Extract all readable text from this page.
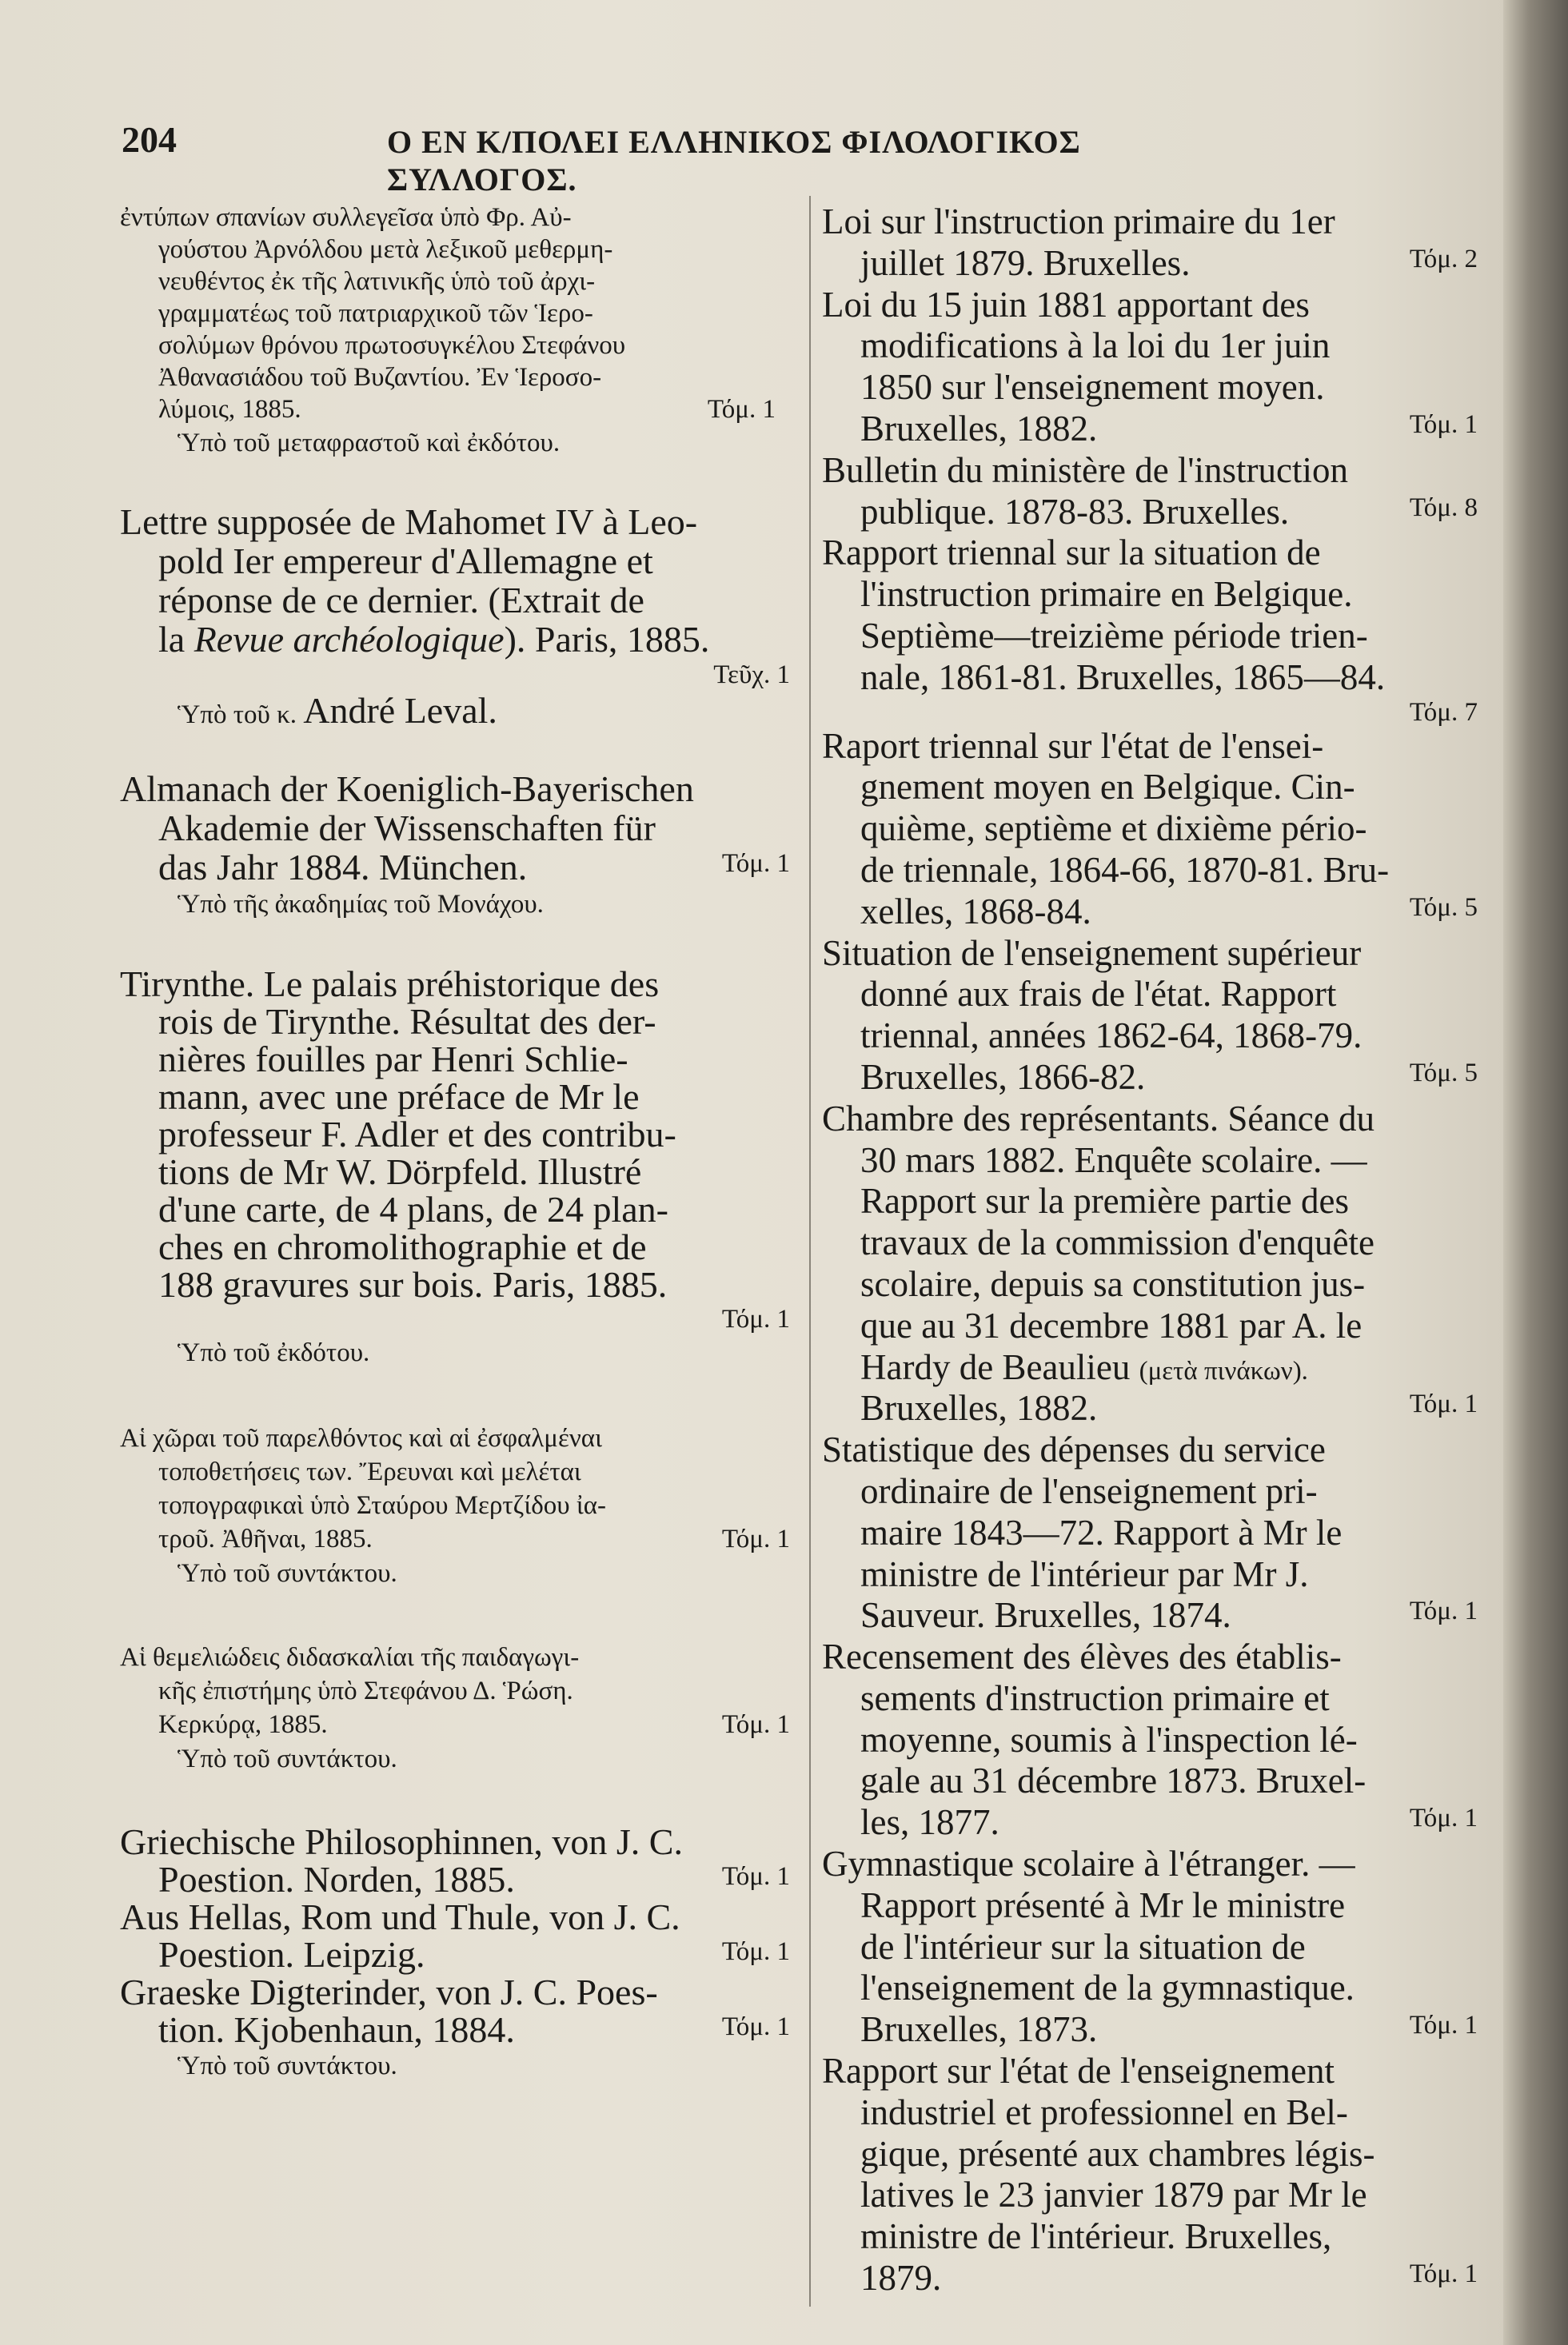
204	Ο ΕΝ Κ/ΠΟΛΕΙ ΕΛΛΗΝΙΚΟΣ ΦΙΛΟΛΟΓΙΚΟΣ ΣΥΛΛΟΓΟΣ.
ἐντύπων σπανίων συλλεγεῖσα ὑπὸ Φρ. Αὐ-
γούστου Ἀρνόλδου μετὰ λεξικοῦ μεθερμη-
νευθέντος ἐκ τῆς λατινικῆς ὑπὸ τοῦ ἀρχι-
γραμματέως τοῦ πατριαρχικοῦ τῶν Ἱερο-
σολύμων θρόνου πρωτοσυγκέλου Στεφάνου
Ἀθανασιάδου τοῦ Βυζαντίου. Ἐν Ἱεροσο-
λύμοις, 1885.	Τόμ. 1
Ὑπὸ τοῦ μεταφραστοῦ καὶ ἐκδότου.
Lettre supposée de Mahomet IV à Leo-
pold Ier empereur d'Allemagne et
réponse de ce dernier. (Extrait de
la Revue archéologique). Paris, 1885.
Τεῦχ. 1
Ὑπὸ τοῦ κ. André Leval.
Almanach der Koeniglich-Bayerischen
Akademie der Wissenschaften für
das Jahr 1884. München.	Τόμ. 1
Ὑπὸ τῆς ἀκαδημίας τοῦ Μονάχου.
Tirynthe. Le palais préhistorique des
rois de Tirynthe. Résultat des der-
nières fouilles par Henri Schlie-
mann, avec une préface de Mr le
professeur F. Adler et des contribu-
tions de Mr W. Dörpfeld. Illustré
d'une carte, de 4 plans, de 24 plan-
ches en chromolithographie et de
188 gravures sur bois. Paris, 1885.
Τόμ. 1
Ὑπὸ τοῦ ἐκδότου.
Αἱ χῶραι τοῦ παρελθόντος καὶ αἱ ἐσφαλμέναι
τοποθετήσεις των. Ἔρευναι καὶ μελέται
τοπογραφικαὶ ὑπὸ Σταύρου Μερτζίδου ἰα-
τροῦ. Ἀθῆναι, 1885.	Τόμ. 1
Ὑπὸ τοῦ συντάκτου.
Αἱ θεμελιώδεις διδασκαλίαι τῆς παιδαγωγι-
κῆς ἐπιστήμης ὑπὸ Στεφάνου Δ. Ῥώση.
Κερκύρᾳ, 1885.	Τόμ. 1
Ὑπὸ τοῦ συντάκτου.
Griechische Philosophinnen, von J. C.
Poestion. Norden, 1885.	Τόμ. 1
Aus Hellas, Rom und Thule, von J. C.
Poestion. Leipzig.	Τόμ. 1
Graeske Digterinder, von J. C. Poes-
tion. Kjobenhaun, 1884.	Τόμ. 1
Ὑπὸ τοῦ συντάκτου.
Loi sur l'instruction primaire du 1er
juillet 1879. Bruxelles.	Τόμ. 2
Loi du 15 juin 1881 apportant des
modifications à la loi du 1er juin
1850 sur l'enseignement moyen.
Bruxelles, 1882.	Τόμ. 1
Bulletin du ministère de l'instruction
publique. 1878-83. Bruxelles.	Τόμ. 8
Rapport triennal sur la situation de
l'instruction primaire en Belgique.
Septième—treizième période trien-
nale, 1861-81. Bruxelles, 1865—84.
Τόμ. 7
Raport triennal sur l'état de l'ensei-
gnement moyen en Belgique. Cin-
quième, septième et dixième pério-
de triennale, 1864-66, 1870-81. Bru-
xelles, 1868-84.	Τόμ. 5
Situation de l'enseignement supérieur
donné aux frais de l'état. Rapport
triennal, années 1862-64, 1868-79.
Bruxelles, 1866-82.	Τόμ. 5
Chambre des représentants. Séance du
30 mars 1882. Enquête scolaire. —
Rapport sur la première partie des
travaux de la commission d'enquête
scolaire, depuis sa constitution jus-
que au 31 decembre 1881 par A. le
Hardy de Beaulieu (μετὰ πινάκων).
Bruxelles, 1882.	Τόμ. 1
Statistique des dépenses du service
ordinaire de l'enseignement pri-
maire 1843—72. Rapport à Mr le
ministre de l'intérieur par Mr J.
Sauveur. Bruxelles, 1874.	Τόμ. 1
Recensement des élèves des établis-
sements d'instruction primaire et
moyenne, soumis à l'inspection lé-
gale au 31 décembre 1873. Bruxel-
les, 1877.	Τόμ. 1
Gymnastique scolaire à l'étranger. —
Rapport présenté à Mr le ministre
de l'intérieur sur la situation de
l'enseignement de la gymnastique.
Bruxelles, 1873.	Τόμ. 1
Rapport sur l'état de l'enseignement
industriel et professionnel en Bel-
gique, présenté aux chambres légis-
latives le 23 janvier 1879 par Mr le
ministre de l'intérieur. Bruxelles,
1879.	Τόμ. 1
